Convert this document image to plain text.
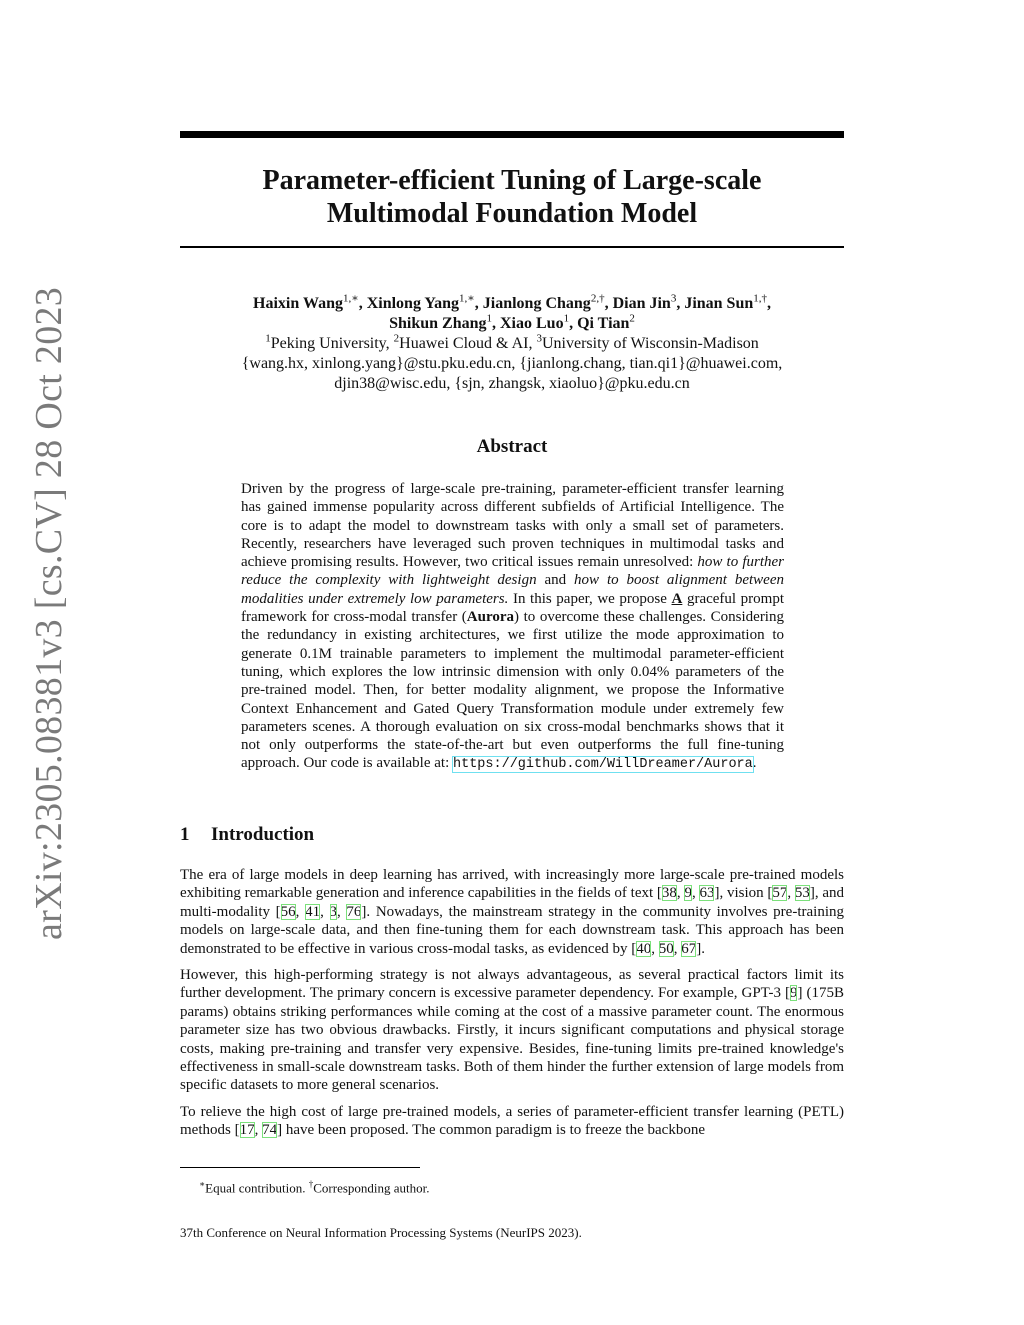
arXiv:2305.08381v3 [cs.CV] 28 Oct 2023
Parameter-efficient Tuning of Large-scale
Multimodal Foundation Model
Haixin Wang$^{1,∗}$, Xinlong Yang$^{1,∗}$, Jianlong Chang$^{2,\dagger}$, Dian Jin$^3$, Jinan Sun$^{1,\dagger}$,
Shikun Zhang$^1$, Xiao Luo$^1$, Qi Tian$^2$
$^1$Peking University, $^2$Huawei Cloud & AI, $^3$University of Wisconsin-Madison
{wang.hx, xinlong.yang}@stu.pku.edu.cn, {jianlong.chang, tian.qi1}@huawei.com,
djin38@wisc.edu, {sjn, zhangsk, xiaoluo}@pku.edu.cn
Abstract
Driven by the progress of large-scale pre-training, parameter-efficient transfer learning has gained immense popularity across different subfields of Artificial Intelligence. The core is to adapt the model to downstream tasks with only a small set of parameters. Recently, researchers have leveraged such proven techniques in multimodal tasks and achieve promising results. However, two critical issues remain unresolved: how to further reduce the complexity with lightweight design and how to boost alignment between modalities under extremely low parameters. In this paper, we propose A graceful prompt framework for cross-modal transfer (Aurora) to overcome these challenges. Considering the redundancy in existing architectures, we first utilize the mode approximation to generate 0.1M trainable parameters to implement the multimodal parameter-efficient tuning, which explores the low intrinsic dimension with only 0.04% parameters of the pre-trained model. Then, for better modality alignment, we propose the Informative Context Enhancement and Gated Query Transformation module under extremely few parameters scenes. A thorough evaluation on six cross-modal benchmarks shows that it not only outperforms the state-of-the-art but even outperforms the full fine-tuning approach. Our code is available at: https://github.com/WillDreamer/Aurora.
1 Introduction

The era of large models in deep learning has arrived, with increasingly more large-scale pre-trained models exhibiting remarkable generation and inference capabilities in the fields of text [38, 9, 63], vision [57, 53], and multi-modality [56, 41, 3, 76]. Nowadays, the mainstream strategy in the community involves pre-training models on large-scale data, and then fine-tuning them for each downstream task. This approach has been demonstrated to be effective in various cross-modal tasks, as evidenced by [40, 50, 67].

However, this high-performing strategy is not always advantageous, as several practical factors limit its further development. The primary concern is excessive parameter dependency. For example, GPT-3 [9] (175B params) obtains striking performances while coming at the cost of a massive parameter count. The enormous parameter size has two obvious drawbacks. Firstly, it incurs significant computations and physical storage costs, making pre-training and transfer very expensive. Besides, fine-tuning limits pre-trained knowledge's effectiveness in small-scale downstream tasks. Both of them hinder the further extension of large models from specific datasets to more general scenarios.

To relieve the high cost of large pre-trained models, a series of parameter-efficient transfer learning (PETL) methods [17, 74] have been proposed. The common paradigm is to freeze the backbone

∗Equal contribution. †Corresponding author.
37th Conference on Neural Information Processing Systems (NeurIPS 2023).
